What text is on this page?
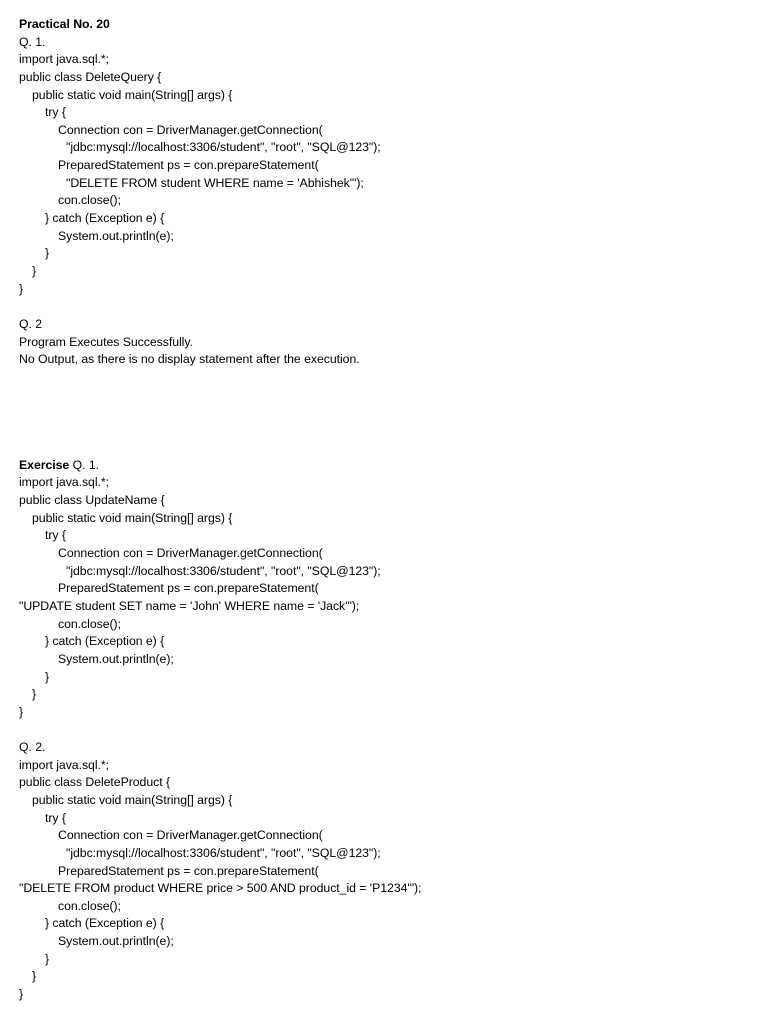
Practical No. 20
Q. 1.
import java.sql.*;
public class DeleteQuery {
public static void main(String[] args) {
try {
Connection con = DriverManager.getConnection(
"jdbc:mysql://localhost:3306/student", "root", "SQL@123");
PreparedStatement ps = con.prepareStatement(
"DELETE FROM student WHERE name = 'Abhishek'");
con.close();
} catch (Exception e) {
System.out.println(e);
}
}
}
Q. 2
Program Executes Successfully.
No Output, as there is no display statement after the execution.
Exercise Q. 1.
import java.sql.*;
public class UpdateName {
public static void main(String[] args) {
try {
Connection con = DriverManager.getConnection(
"jdbc:mysql://localhost:3306/student", "root", "SQL@123");
PreparedStatement ps = con.prepareStatement(
"UPDATE student SET name = 'John' WHERE name = 'Jack'");
con.close();
} catch (Exception e) {
System.out.println(e);
}
}
}
Q. 2.
import java.sql.*;
public class DeleteProduct {
public static void main(String[] args) {
try {
Connection con = DriverManager.getConnection(
"jdbc:mysql://localhost:3306/student", "root", "SQL@123");
PreparedStatement ps = con.prepareStatement(
"DELETE FROM product WHERE price > 500 AND product_id = 'P1234'");
con.close();
} catch (Exception e) {
System.out.println(e);
}
}
}
